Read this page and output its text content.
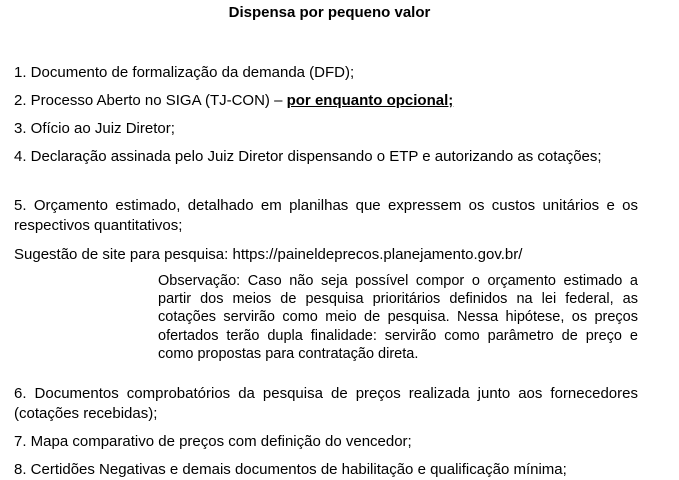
Dispensa por pequeno valor
1. Documento de formalização da demanda (DFD);
2. Processo Aberto no SIGA (TJ-CON) – por enquanto opcional;
3. Ofício ao Juiz Diretor;
4. Declaração assinada pelo Juiz Diretor dispensando o ETP e autorizando as cotações;
5. Orçamento estimado, detalhado em planilhas que expressem os custos unitários e os respectivos quantitativos;
Sugestão de site para pesquisa: https://paineldeprecos.planejamento.gov.br/
Observação: Caso não seja possível compor o orçamento estimado a partir dos meios de pesquisa prioritários definidos na lei federal, as cotações servirão como meio de pesquisa. Nessa hipótese, os preços ofertados terão dupla finalidade: servirão como parâmetro de preço e como propostas para contratação direta.
6. Documentos comprobatórios da pesquisa de preços realizada junto aos fornecedores (cotações recebidas);
7. Mapa comparativo de preços com definição do vencedor;
8. Certidões Negativas e demais documentos de habilitação e qualificação mínima;
